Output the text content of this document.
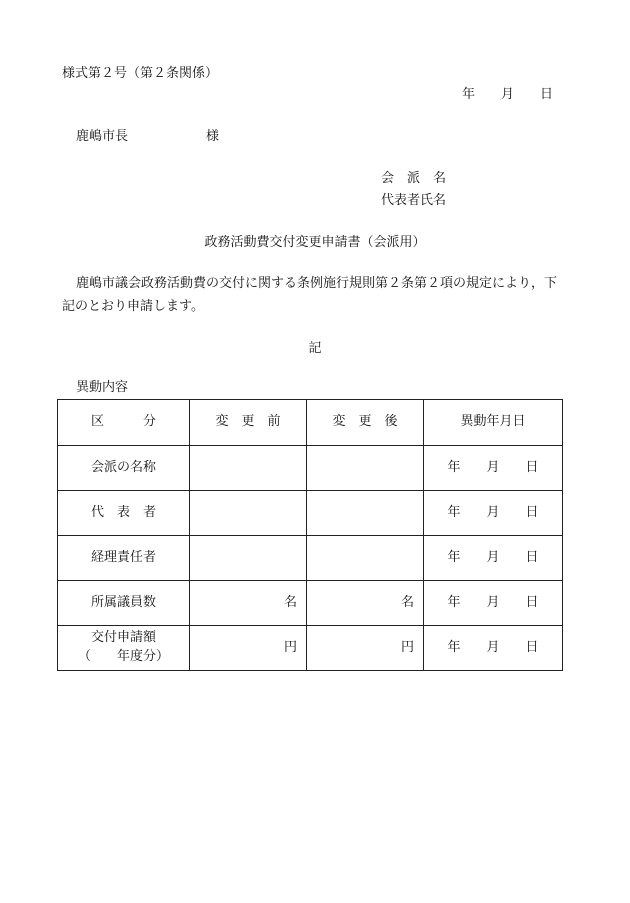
様式第２号（第２条関係）
年　　月　　日
鹿嶋市長　　　　　　様
会　派　名
代表者氏名
政務活動費交付変更申請書（会派用）
鹿嶋市議会政務活動費の交付に関する条例施行規則第２条第２項の規定により，下
記のとおり申請します。
記
異動内容
区　　　分	変　更　前	変　更　後	異動年月日
会派の名称			年　　月　　日
代　表　者			年　　月　　日
経理責任者			年　　月　　日
所属議員数	名	名	年　　月　　日
交付申請額
（　　年度分）	円	円	年　　月　　日
